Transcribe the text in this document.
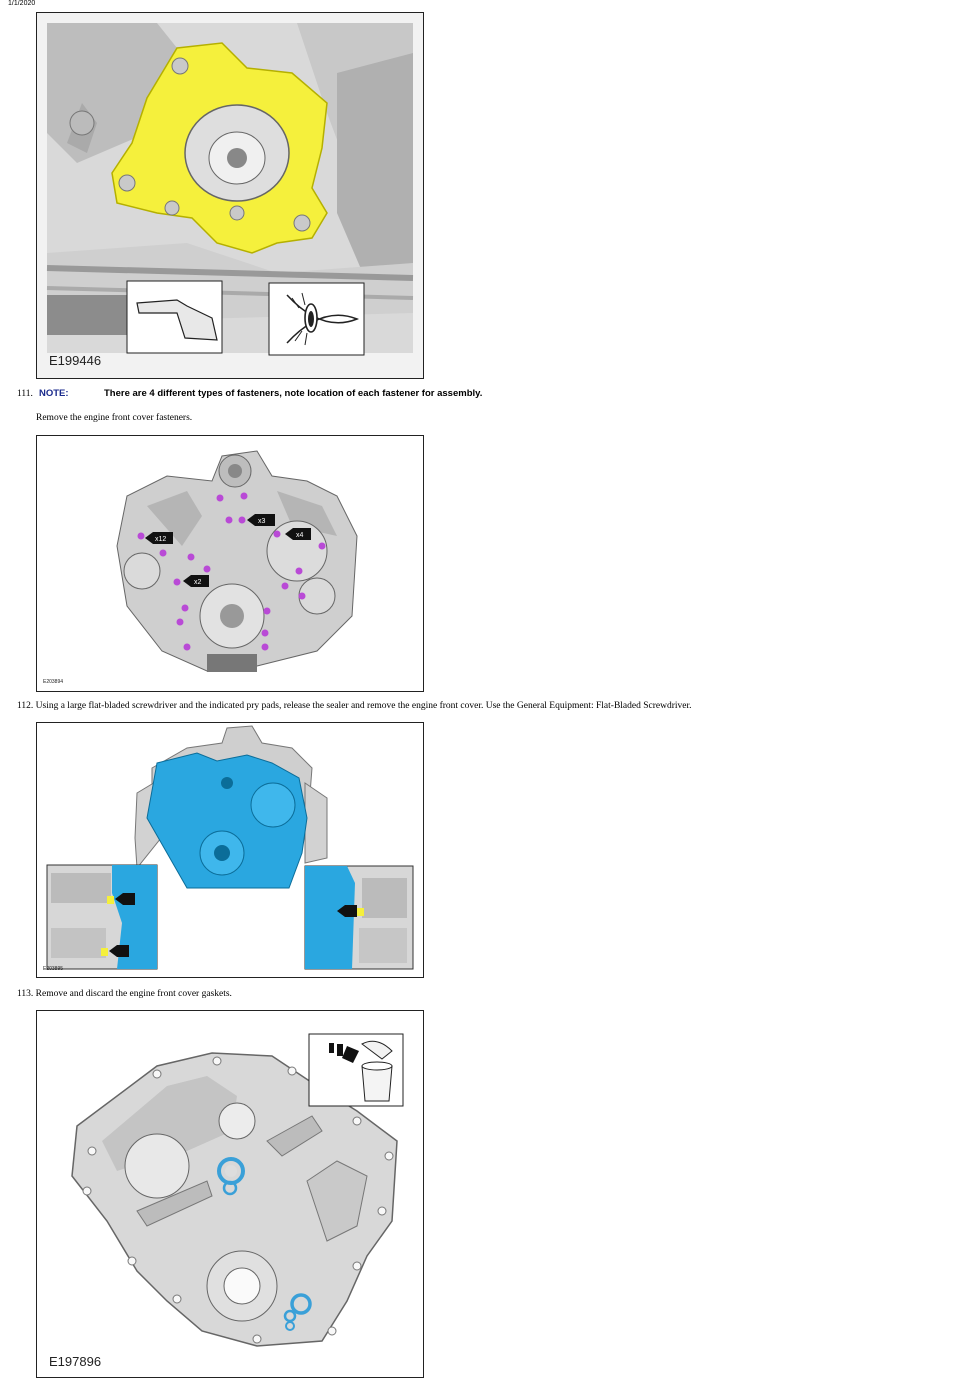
1/1/2020
E199446
111. NOTE:	There are 4 different types of fasteners, note location of each fastener for assembly.
Remove the engine front cover fasteners.
x12
x3
x4
x2
E203894
112. Using a large flat-bladed screwdriver and the indicated pry pads, release the sealer and remove the engine front cover. Use the General Equipment: Flat-Bladed Screwdriver.
E203895
113. Remove and discard the engine front cover gaskets.
E197896
